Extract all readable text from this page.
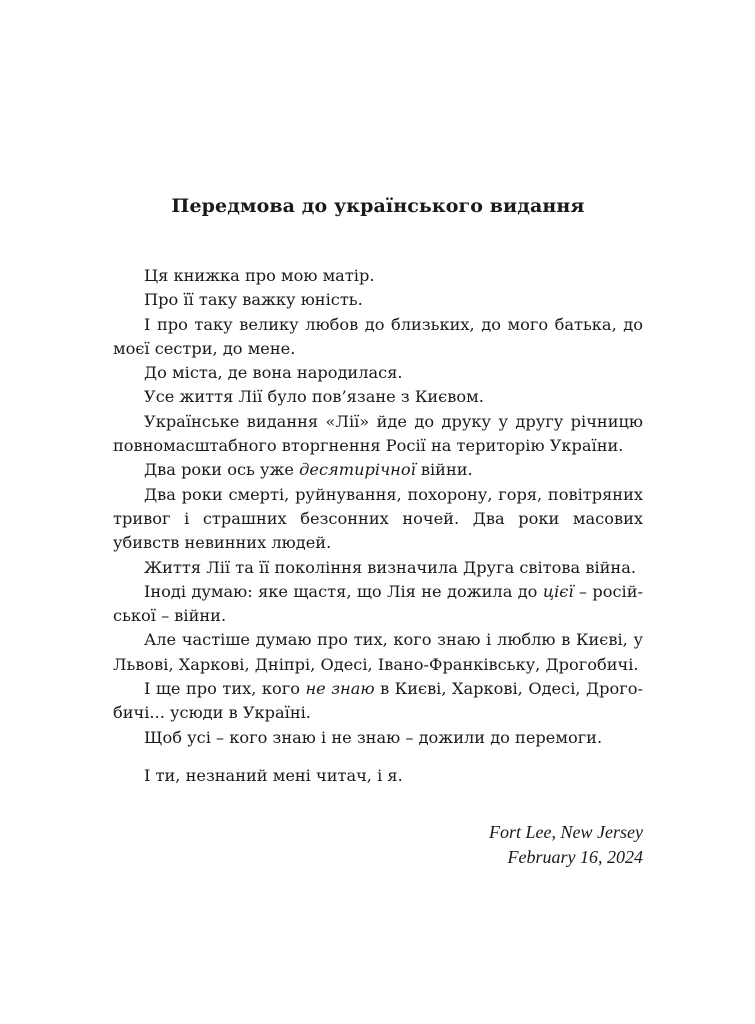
Передмова до українського видання

Ця книжка про мою матір.

Про її таку важку юність.

І про таку велику любов до близьких, до мого батька, до моєї сестри, до мене.

До міста, де вона народилася.

Усе життя Лії було пов’язане з Києвом.

Українське видання «Лії» йде до друку у другу річницю повномасштабного вторгнення Росії на територію України.

Два роки ось уже десятирічної війни.

Два роки смерті, руйнування, похорону, горя, повітряних тривог і страшних безсонних ночей. Два роки масових убивств невинних людей.

Життя Лії та її покоління визначила Друга світова війна.

Іноді думаю: яке щастя, що Лія не дожила до цієї – російської – війни.

Але частіше думаю про тих, кого знаю і люблю в Києві, у Львові, Харкові, Дніпрі, Одесі, Івано-Франківську, Дрогобичі.

І ще про тих, кого не знаю в Києві, Харкові, Одесі, Дрогобичі... усюди в Україні.

Щоб усі – кого знаю і не знаю – дожили до перемоги.

І ти, незнаний мені читач, і я.

Fort Lee, New Jersey
February 16, 2024
